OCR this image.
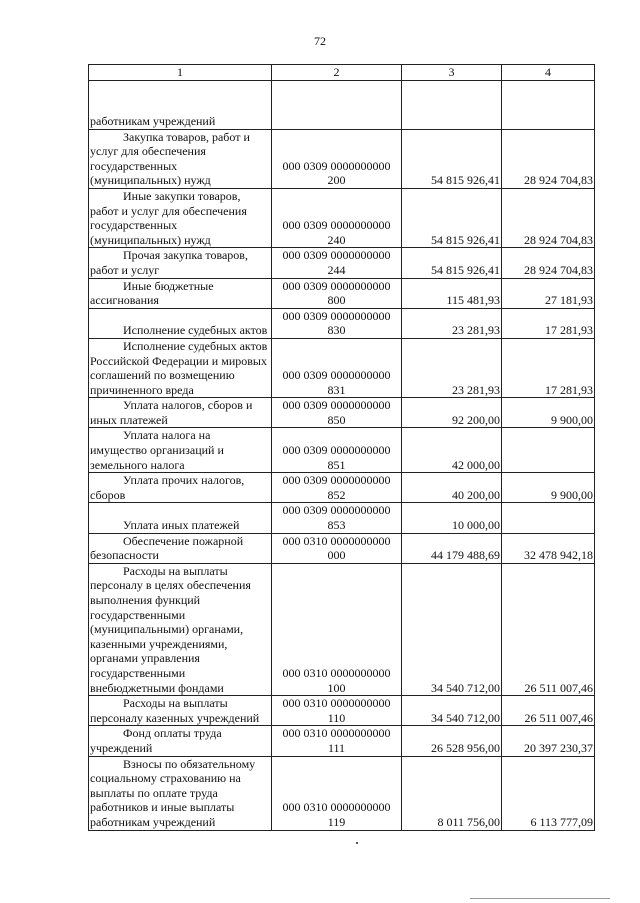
72
1	2	3	4
работникам учреждений			
Закупка товаров, работ и услуг для обеспечения государственных (муниципальных) нужд	000 0309 0000000000 200	54 815 926,41	28 924 704,83
Иные закупки товаров, работ и услуг для обеспечения государственных (муниципальных) нужд	000 0309 0000000000 240	54 815 926,41	28 924 704,83
Прочая закупка товаров, работ и услуг	000 0309 0000000000 244	54 815 926,41	28 924 704,83
Иные бюджетные ассигнования	000 0309 0000000000 800	115 481,93	27 181,93
Исполнение судебных актов	000 0309 0000000000 830	23 281,93	17 281,93
Исполнение судебных актов Российской Федерации и мировых соглашений по возмещению причиненного вреда	000 0309 0000000000 831	23 281,93	17 281,93
Уплата налогов, сборов и иных платежей	000 0309 0000000000 850	92 200,00	9 900,00
Уплата налога на имущество организаций и земельного налога	000 0309 0000000000 851	42 000,00	
Уплата прочих налогов, сборов	000 0309 0000000000 852	40 200,00	9 900,00
Уплата иных платежей	000 0309 0000000000 853	10 000,00	
Обеспечение пожарной безопасности	000 0310 0000000000 000	44 179 488,69	32 478 942,18
Расходы на выплаты персоналу в целях обеспечения выполнения функций государственными (муниципальными) органами, казенными учреждениями, органами управления государственными внебюджетными фондами	000 0310 0000000000 100	34 540 712,00	26 511 007,46
Расходы на выплаты персоналу казенных учреждений	000 0310 0000000000 110	34 540 712,00	26 511 007,46
Фонд оплаты труда учреждений	000 0310 0000000000 111	26 528 956,00	20 397 230,37
Взносы по обязательному социальному страхованию на выплаты по оплате труда работников и иные выплаты работникам учреждений	000 0310 0000000000 119	8 011 756,00	6 113 777,09
